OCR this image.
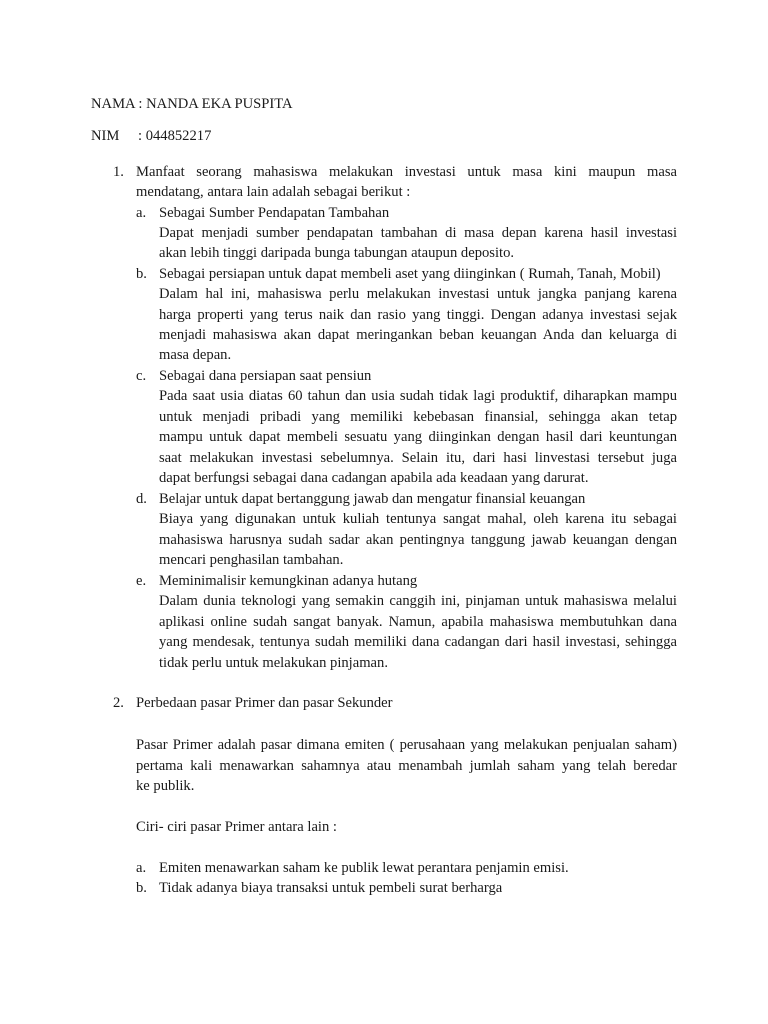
NAMA : NANDA EKA PUSPITA
NIM : 044852217
1. Manfaat seorang mahasiswa melakukan investasi untuk masa kini maupun masa
mendatang, antara lain adalah sebagai berikut :
a. Sebagai Sumber Pendapatan Tambahan
Dapat menjadi sumber pendapatan tambahan di masa depan karena hasil investasi
akan lebih tinggi daripada bunga tabungan ataupun deposito.
b. Sebagai persiapan untuk dapat membeli aset yang diinginkan ( Rumah, Tanah, Mobil)
Dalam hal ini, mahasiswa perlu melakukan investasi untuk jangka panjang karena
harga properti yang terus naik dan rasio yang tinggi. Dengan adanya investasi sejak
menjadi mahasiswa akan dapat meringankan beban keuangan Anda dan keluarga di
masa depan.
c. Sebagai dana persiapan saat pensiun
Pada saat usia diatas 60 tahun dan usia sudah tidak lagi produktif, diharapkan mampu
untuk menjadi pribadi yang memiliki kebebasan finansial, sehingga akan tetap
mampu untuk dapat membeli sesuatu yang diinginkan dengan hasil dari keuntungan
saat melakukan investasi sebelumnya. Selain itu, dari hasi linvestasi tersebut juga
dapat berfungsi sebagai dana cadangan apabila ada keadaan yang darurat.
d. Belajar untuk dapat bertanggung jawab dan mengatur finansial keuangan
Biaya yang digunakan untuk kuliah tentunya sangat mahal, oleh karena itu sebagai
mahasiswa harusnya sudah sadar akan pentingnya tanggung jawab keuangan dengan
mencari penghasilan tambahan.
e. Meminimalisir kemungkinan adanya hutang
Dalam dunia teknologi yang semakin canggih ini, pinjaman untuk mahasiswa melalui
aplikasi online sudah sangat banyak. Namun, apabila mahasiswa membutuhkan dana
yang mendesak, tentunya sudah memiliki dana cadangan dari hasil investasi, sehingga
tidak perlu untuk melakukan pinjaman.
2. Perbedaan pasar Primer dan pasar Sekunder
Pasar Primer adalah pasar dimana emiten ( perusahaan yang melakukan penjualan saham)
pertama kali menawarkan sahamnya atau menambah jumlah saham yang telah beredar
ke publik.
Ciri- ciri pasar Primer antara lain :
a. Emiten menawarkan saham ke publik lewat perantara penjamin emisi.
b. Tidak adanya biaya transaksi untuk pembeli surat berharga
